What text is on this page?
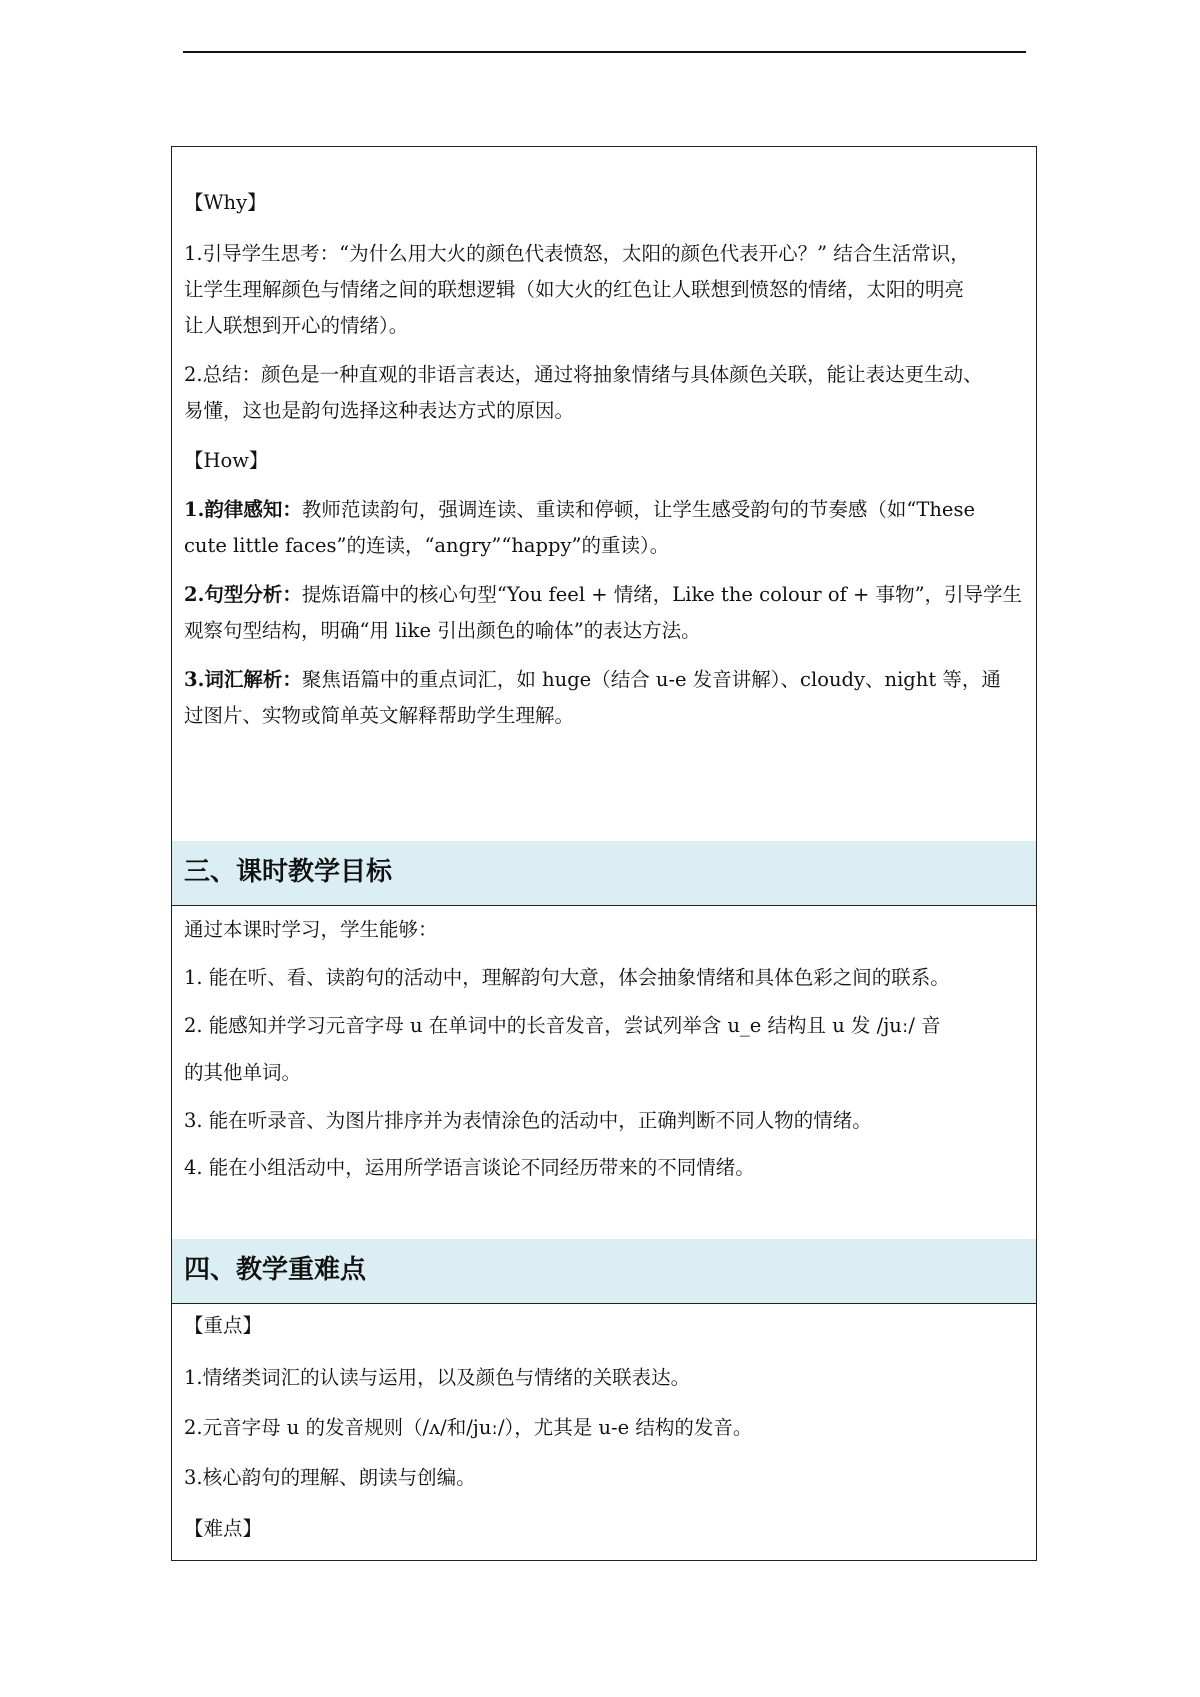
【Why】

1.引导学生思考：“为什么用大火的颜色代表愤怒，太阳的颜色代表开心？” 结合生活常识，

让学生理解颜色与情绪之间的联想逻辑（如大火的红色让人联想到愤怒的情绪，太阳的明亮

让人联想到开心的情绪）。

2.总结：颜色是一种直观的非语言表达，通过将抽象情绪与具体颜色关联，能让表达更生动、

易懂，这也是韵句选择这种表达方式的原因。

【How】

1.韵律感知：教师范读韵句，强调连读、重读和停顿，让学生感受韵句的节奏感（如“These

cute little faces”的连读，“angry”“happy”的重读）。

2.句型分析：提炼语篇中的核心句型“You feel + 情绪，Like the colour of + 事物”，引导学生

观察句型结构，明确“用 like 引出颜色的喻体”的表达方法。

3.词汇解析：聚焦语篇中的重点词汇，如 huge（结合 u-e 发音讲解）、cloudy、night 等，通

过图片、实物或简单英文解释帮助学生理解。

三、课时教学目标

通过本课时学习，学生能够：

1. 能在听、看、读韵句的活动中，理解韵句大意，体会抽象情绪和具体色彩之间的联系。

2. 能感知并学习元音字母 u 在单词中的长音发音，尝试列举含 u_e 结构且 u 发 /juː/ 音

的其他单词。

3. 能在听录音、为图片排序并为表情涂色的活动中，正确判断不同人物的情绪。

4. 能在小组活动中，运用所学语言谈论不同经历带来的不同情绪。

四、教学重难点

【重点】

1.情绪类词汇的认读与运用，以及颜色与情绪的关联表达。

2.元音字母 u 的发音规则（/ʌ/和/juː/），尤其是 u-e 结构的发音。

3.核心韵句的理解、朗读与创编。

【难点】
